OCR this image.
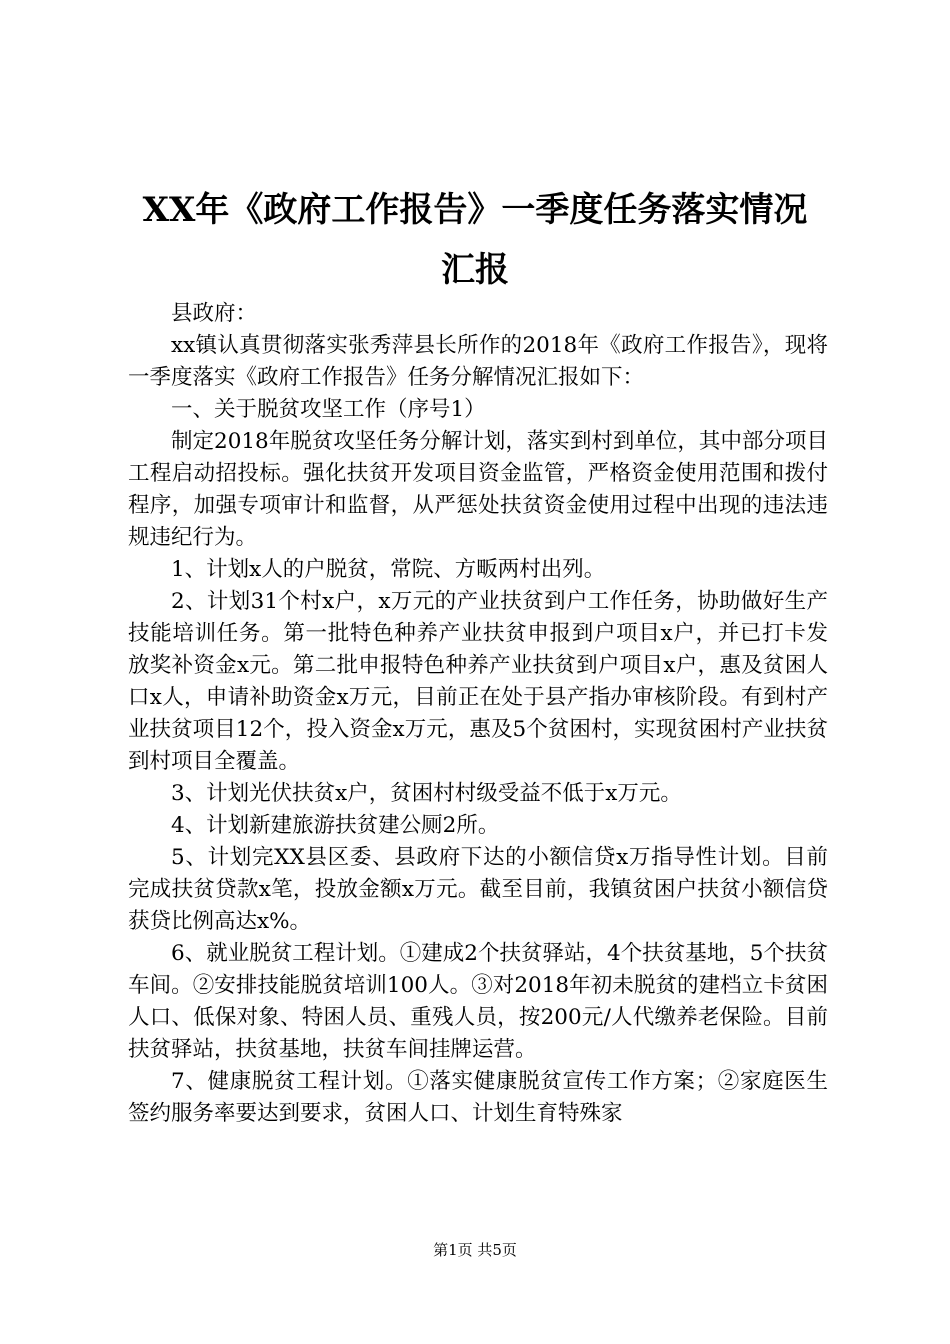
XX年《政府工作报告》一季度任务落实情况
汇报

县政府：

xx镇认真贯彻落实张秀萍县长所作的2018年《政府工作报告》，现将一季度落实《政府工作报告》任务分解情况汇报如下：

一、关于脱贫攻坚工作（序号1）

制定2018年脱贫攻坚任务分解计划，落实到村到单位，其中部分项目工程启动招投标。强化扶贫开发项目资金监管，严格资金使用范围和拨付程序，加强专项审计和监督，从严惩处扶贫资金使用过程中出现的违法违规违纪行为。

1、计划x人的户脱贫，常院、方畈两村出列。

2、计划31个村x户，x万元的产业扶贫到户工作任务，协助做好生产技能培训任务。第一批特色种养产业扶贫申报到户项目x户，并已打卡发放奖补资金x元。第二批申报特色种养产业扶贫到户项目x户，惠及贫困人口x人，申请补助资金x万元，目前正在处于县产指办审核阶段。有到村产业扶贫项目12个，投入资金x万元，惠及5个贫困村，实现贫困村产业扶贫到村项目全覆盖。

3、计划光伏扶贫x户，贫困村村级受益不低于x万元。

4、计划新建旅游扶贫建公厕2所。

5、计划完XX县区委、县政府下达的小额信贷x万指导性计划。目前完成扶贫贷款x笔，投放金额x万元。截至目前，我镇贫困户扶贫小额信贷获贷比例高达x%。

6、就业脱贫工程计划。①建成2个扶贫驿站，4个扶贫基地，5个扶贫车间。②安排技能脱贫培训100人。③对2018年初未脱贫的建档立卡贫困人口、低保对象、特困人员、重残人员，按200元/人代缴养老保险。目前扶贫驿站，扶贫基地，扶贫车间挂牌运营。

7、健康脱贫工程计划。①落实健康脱贫宣传工作方案；②家庭医生签约服务率要达到要求，贫困人口、计划生育特殊家

第1页 共5页
